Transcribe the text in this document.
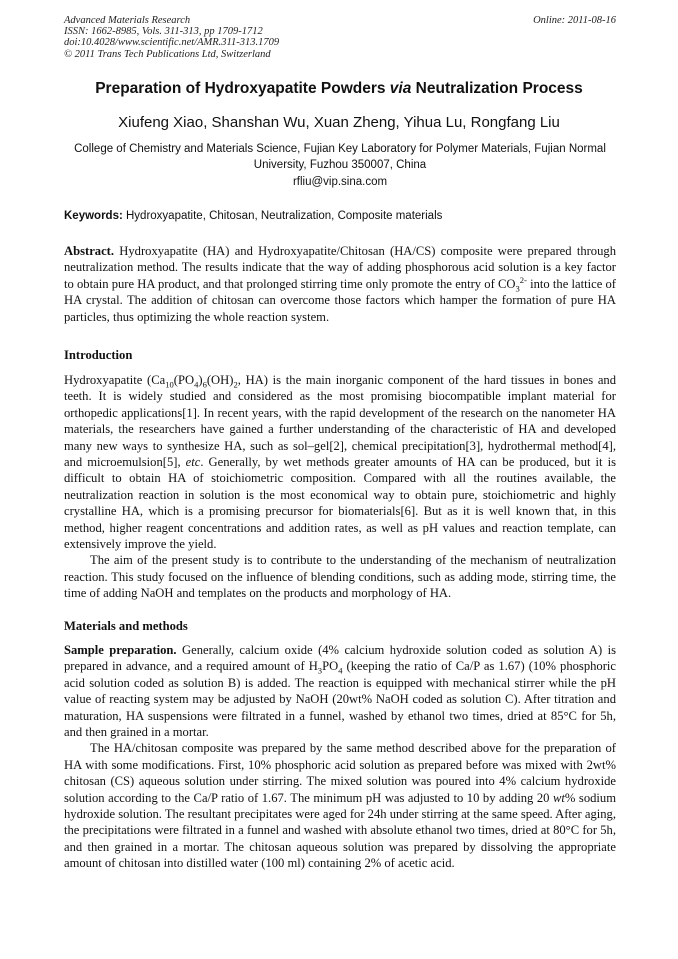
Advanced Materials Research
ISSN: 1662-8985, Vols. 311-313, pp 1709-1712
doi:10.4028/www.scientific.net/AMR.311-313.1709
© 2011 Trans Tech Publications Ltd, Switzerland
Online: 2011-08-16
Preparation of Hydroxyapatite Powders via Neutralization Process
Xiufeng Xiao, Shanshan Wu, Xuan Zheng, Yihua Lu, Rongfang Liu
College of Chemistry and Materials Science, Fujian Key Laboratory for Polymer Materials, Fujian Normal University, Fuzhou 350007, China
rfliu@vip.sina.com
Keywords: Hydroxyapatite, Chitosan, Neutralization, Composite materials
Abstract. Hydroxyapatite (HA) and Hydroxyapatite/Chitosan (HA/CS) composite were prepared through neutralization method. The results indicate that the way of adding phosphorous acid solution is a key factor to obtain pure HA product, and that prolonged stirring time only promote the entry of $CO_3^{2-}$ into the lattice of HA crystal. The addition of chitosan can overcome those factors which hamper the formation of pure HA particles, thus optimizing the whole reaction system.
Introduction
Hydroxyapatite ($Ca_{10}(PO_4)_6(OH)_2$, HA) is the main inorganic component of the hard tissues in bones and teeth. It is widely studied and considered as the most promising biocompatible implant material for orthopedic applications[1]. In recent years, with the rapid development of the research on the nanometer HA materials, the researchers have gained a further understanding of the characteristic of HA and developed many new ways to synthesize HA, such as sol–gel[2], chemical precipitation[3], hydrothermal method[4], and microemulsion[5], etc. Generally, by wet methods greater amounts of HA can be produced, but it is difficult to obtain HA of stoichiometric composition. Compared with all the routines available, the neutralization reaction in solution is the most economical way to obtain pure, stoichiometric and highly crystalline HA, which is a promising precursor for biomaterials[6]. But as it is well known that, in this method, higher reagent concentrations and addition rates, as well as pH values and reaction template, can extensively improve the yield.
The aim of the present study is to contribute to the understanding of the mechanism of neutralization reaction. This study focused on the influence of blending conditions, such as adding mode, stirring time, the time of adding NaOH and templates on the products and morphology of HA.
Materials and methods
Sample preparation. Generally, calcium oxide (4% calcium hydroxide solution coded as solution A) is prepared in advance, and a required amount of $H_3PO_4$ (keeping the ratio of Ca/P as 1.67) (10% phosphoric acid solution coded as solution B) is added. The reaction is equipped with mechanical stirrer while the pH value of reacting system may be adjusted by NaOH (20wt% NaOH coded as solution C). After titration and maturation, HA suspensions were filtrated in a funnel, washed by ethanol two times, dried at 85°C for 5h, and then grained in a mortar.
The HA/chitosan composite was prepared by the same method described above for the preparation of HA with some modifications. First, 10% phosphoric acid solution as prepared before was mixed with 2wt% chitosan (CS) aqueous solution under stirring. The mixed solution was poured into 4% calcium hydroxide solution according to the Ca/P ratio of 1.67. The minimum pH was adjusted to 10 by adding 20 wt% sodium hydroxide solution. The resultant precipitates were aged for 24h under stirring at the same speed. After aging, the precipitations were filtrated in a funnel and washed with absolute ethanol two times, dried at 80°C for 5h, and then grained in a mortar. The chitosan aqueous solution was prepared by dissolving the appropriate amount of chitosan into distilled water (100 ml) containing 2% of acetic acid.
